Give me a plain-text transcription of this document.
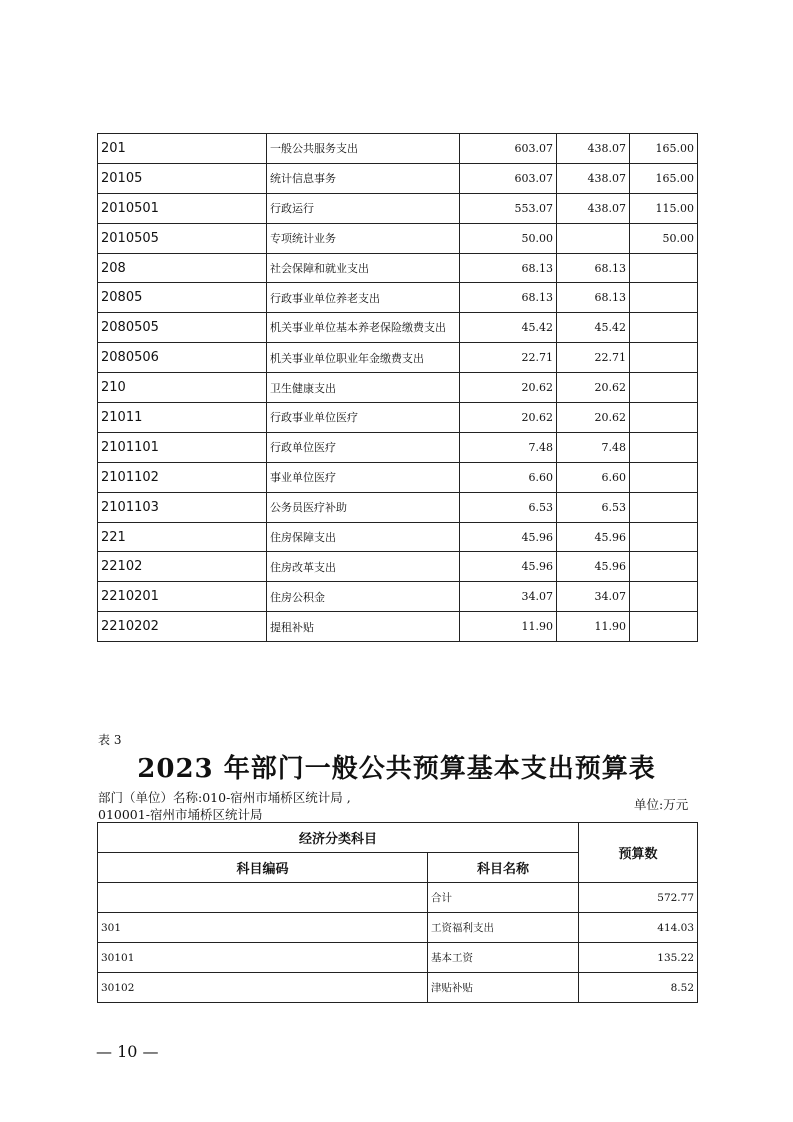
201	一般公共服务支出	603.07	438.07	165.00
20105	统计信息事务	603.07	438.07	165.00
2010501	行政运行	553.07	438.07	115.00
2010505	专项统计业务	50.00		50.00
208	社会保障和就业支出	68.13	68.13	
20805	行政事业单位养老支出	68.13	68.13	
2080505	机关事业单位基本养老保险缴费支出	45.42	45.42	
2080506	机关事业单位职业年金缴费支出	22.71	22.71	
210	卫生健康支出	20.62	20.62	
21011	行政事业单位医疗	20.62	20.62	
2101101	行政单位医疗	7.48	7.48	
2101102	事业单位医疗	6.60	6.60	
2101103	公务员医疗补助	6.53	6.53	
221	住房保障支出	45.96	45.96	
22102	住房改革支出	45.96	45.96	
2210201	住房公积金	34.07	34.07	
2210202	提租补贴	11.90	11.90	
表 3
2023 年部门一般公共预算基本支出预算表
部门（单位）名称:010-宿州市埇桥区统计局 ,
010001-宿州市埇桥区统计局
单位:万元
经济分类科目		预算数
科目编码	科目名称	
	合计	572.77
301	工资福利支出	414.03
30101	基本工资	135.22
30102	津贴补贴	8.52
— 10 —
